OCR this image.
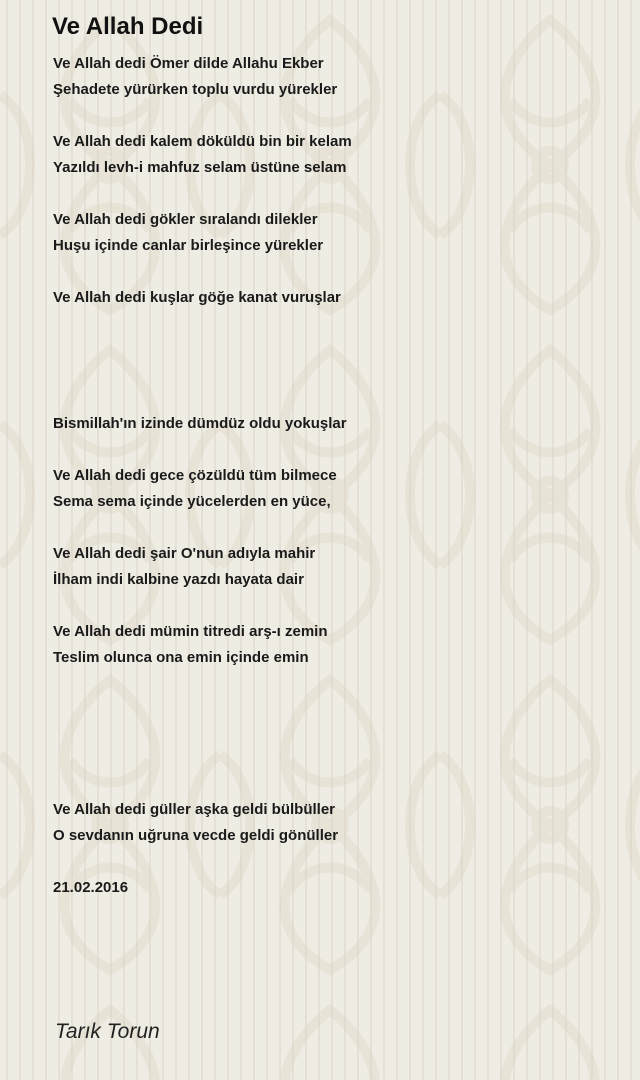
Ve Allah Dedi
Ve Allah dedi Ömer dilde Allahu Ekber
Şehadete yürürken toplu vurdu yürekler
Ve Allah dedi kalem döküldü bin bir kelam
Yazıldı levh-i mahfuz selam üstüne selam
Ve Allah dedi gökler sıralandı dilekler
Huşu içinde canlar birleşince yürekler
Ve Allah dedi kuşlar göğe kanat vuruşlar
Bismillah'ın izinde dümdüz oldu yokuşlar
Ve Allah dedi gece çözüldü tüm bilmece
Sema sema içinde yücelerden en yüce,
Ve Allah dedi şair O'nun adıyla mahir
İlham indi kalbine yazdı hayata dair
Ve Allah dedi mümin titredi arş-ı zemin
Teslim olunca ona emin içinde emin
Ve Allah dedi güller aşka geldi bülbüller
O sevdanın uğruna vecde geldi gönüller
21.02.2016
Tarık Torun
